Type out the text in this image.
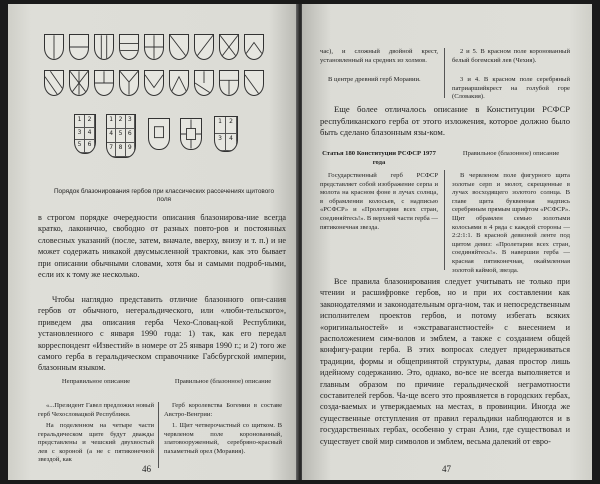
1	2
3	4
5	6
1 2 3
4 5 6
7 8 9
1	2
3	4
Порядок блазонирования гербов при классических рассечениях щитового поля
в строгом порядке очередности описания блазонирова-ние всегда кратко, лаконично, свободно от разных повто-ров и постоянных словесных указаний (после, затем, вначале, вверху, внизу и т. п.) и не может содержать никакой двусмысленной трактовки, как это бывает при описании обычными словами, хотя бы и самыми подроб-ными, если их к тому же несколько.
Чтобы наглядно представить отличие блазонного опи-сания гербов от обычного, негеральдического, или «люби-тельского», приведем два описания герба Чехо-Словац-кой Республики, установленного с января 1990 года: 1) так, как его передал корреспондент «Известий» в номере от 25 января 1990 г.; и 2) того же самого герба в геральдическом справочнике Габсбургской империи, блазонным языком.
Неправильное описание	Правильное (блазонное) описание
«...Президент Гавел предложил новый герб Чехословацкой Республики.
На поделенном на четыре части геральдическом щите будут дважды представлены и чешский двухвостый лев с короной (а не с пятиконечной звездой, как
Герб королевства Богемии в составе Австро-Венгрии:
1. Щит четверочастный со щитком. В червленом поле коронованный, златовооруженный, серебряно-красный пахаметный орел (Моравия).
46
час), и сложный двойной крест, установленный на средних из холмов.
В центре древний герб Моравии.
2 и 5. В красном поле коронованный белый богемский лев (Чехия).
3 и 4. В красном поле серебряный патриаршийкрест на голубой горе (Словакия).
Еще более отличалось описание в Конституции РСФСР республиканского герба от этого изложения, которое должно было быть сделано блазонным язы-ком.
Статья 180 Конституции РСФСР 1977 года
Правильное (блазонное) описание
Государственный герб РСФСР представляет собой изображение серпа и молота на красном фоне в лучах солнца, в обрамлении колосьев, с надписью «РСФСР» и «Пролетарии всех стран, соединяйтесь!». В верхней части герба — пятиконечная звезда.
В червленом поле фигурного щита золотые серп и молот, скрещенные в лучах восходящего золотого солнца. В главе щита буквенная надпись серебряным прямым шрифтом «РСФСР». Щит обрамлен семью золотыми колосьями в 4 ряда с каждой стороны — 2:2:1:1. В красной девизной ленте под щитом девиз: «Пролетарии всех стран, соединяйтесь!». В навершии герба — красная пятиконечная, окаймленная золотой каймой, звезда.
Все правила блазонирования следует учитывать не только при чтении и расшифровке гербов, но и при их составлении как законодателями и законодательным орга-ном, так и непосредственным исполнителем проектов гербов, и потому избегать всяких «оригинальностей» и «экстраваганстностей» с внесением и расположением сим-волов и эмблем, а также с созданием общей конфигу-рации герба. В этих вопросах следует придерживаться традиции, формы и общепринятой структуры, давая простор лишь идейному содержанию. Это, однако, во-все не всегда выполняется и главным образом по причине геральдической неграмотности составителей гербов. Ча-ще всего это проявляется в городских гербах, созда-ваемых и утверждаемых на местах, в провинции. Иногда же существенные отступления от правил геральдики наблюдаются и в государственных гербах, особенно у стран Азии, где существовал и существует свой мир символов и эмблем, весьма далекий от евро-
47
